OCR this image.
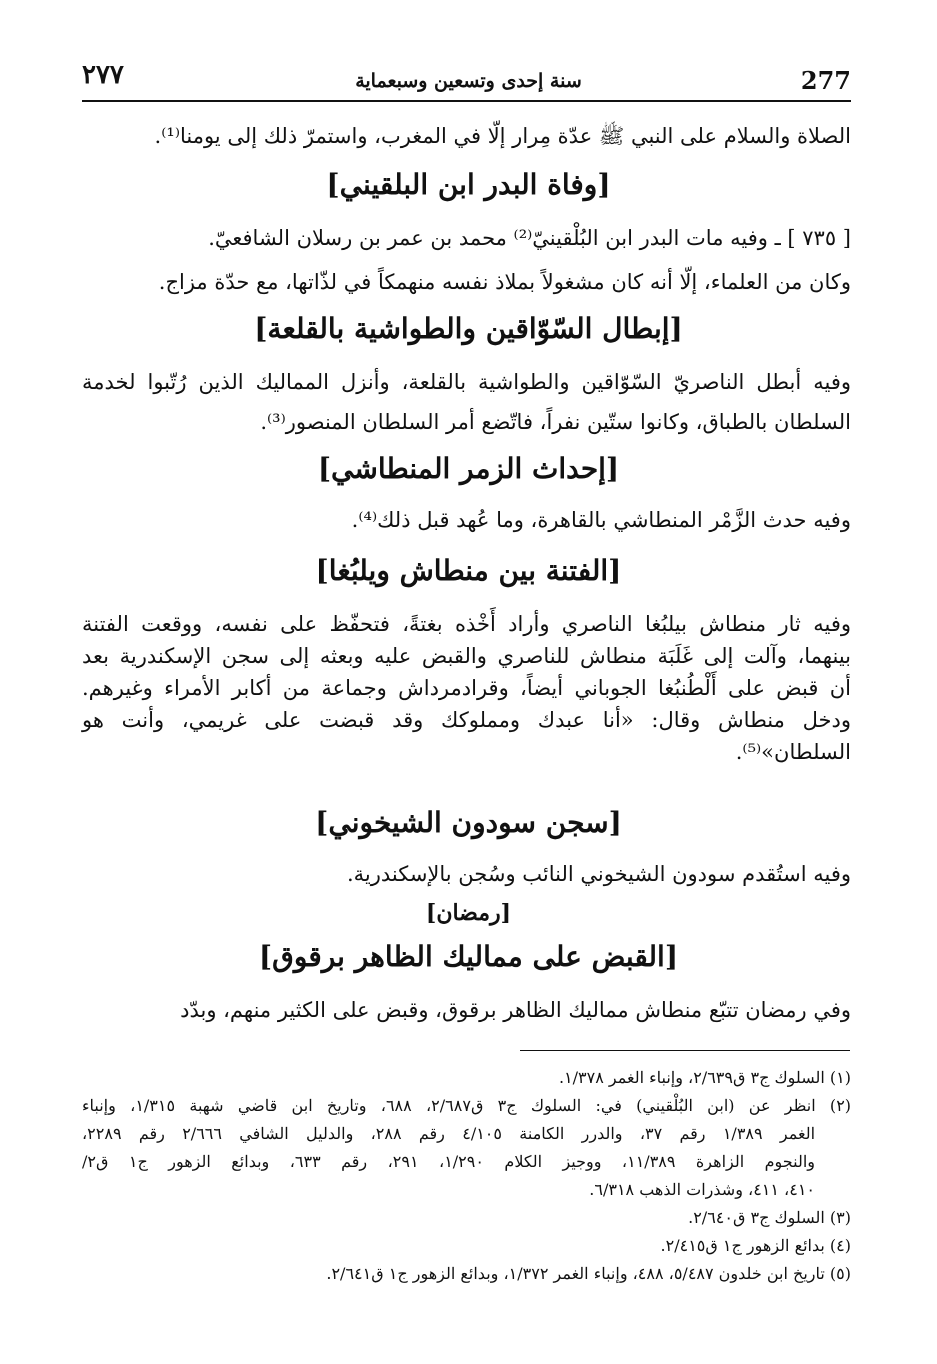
٢٧٧	سنة إحدى وتسعين وسبعماية	277
الصلاة والسلام على النبي ﷺ عدّة مِرار إلّا في المغرب، واستمرّ ذلك إلى يومنا⁽¹⁾.
[وفاة البدر ابن البلقيني]
[ ٧٣٥ ] ـ وفيه مات البدر ابن البُلْقينيّ⁽²⁾ محمد بن عمر بن رسلان الشافعيّ.
وكان من العلماء، إلّا أنه كان مشغولاً بملاذ نفسه منهمكاً في لذّاتها، مع حدّة مزاج.
[إبطال السّوّاقين والطواشية بالقلعة]
وفيه أبطل الناصريّ السّوّاقين والطواشية بالقلعة، وأنزل المماليك الذين رُتّبوا لخدمة
السلطان بالطباق، وكانوا ستّين نفراً، فاتّضع أمر السلطان المنصور⁽³⁾.
[إحداث الزمر المنطاشي]
وفيه حدث الزَّمْر المنطاشي بالقاهرة، وما عُهد قبل ذلك⁽⁴⁾.
[الفتنة بين منطاش ويلبُغا]
وفيه ثار منطاش بيلبُغا الناصري وأراد أَخْذه بغتةً، فتحفّظ على نفسه، ووقعت الفتنة
بينهما، وآلت إلى غَلَبَة منطاش للناصري والقبض عليه وبعثه إلى سجن الإسكندرية بعد
أن قبض على أَلْطُنبُغا الجوباني أيضاً، وقرادمرداش وجماعة من أكابر الأمراء وغيرهم.
ودخل منطاش وقال: «أنا عبدك ومملوكك وقد قبضت على غريمي، وأنت هو
السلطان»⁽⁵⁾.
[سجن سودون الشيخوني]
وفيه استُقدم سودون الشيخوني النائب وسُجن بالإسكندرية.
[رمضان]
[القبض على مماليك الظاهر برقوق]
وفي رمضان تتبّع منطاش مماليك الظاهر برقوق، وقبض على الكثير منهم، وبدّد
(١) السلوك ج٣ ق٢/٦٣٩، وإنباء الغمر ١/٣٧٨.
(٢) انظر عن (ابن البُلْقيني) في: السلوك ج٣ ق٢/٦٨٧، ٦٨٨، وتاريخ ابن قاضي شهبة ١/٣١٥، وإنباء
الغمر ١/٣٨٩ رقم ٣٧، والدرر الكامنة ٤/١٠٥ رقم ٢٨٨، والدليل الشافي ٢/٦٦٦ رقم ٢٢٨٩،
والنجوم الزاهرة ١١/٣٨٩، ووجيز الكلام ١/٢٩٠، ٢٩١، رقم ٦٣٣، وبدائع الزهور ج١ ق٢/
٤١٠، ٤١١، وشذرات الذهب ٦/٣١٨.
(٣) السلوك ج٣ ق٢/٦٤٠.
(٤) بدائع الزهور ج١ ق٢/٤١٥.
(٥) تاريخ ابن خلدون ٥/٤٨٧، ٤٨٨، وإنباء الغمر ١/٣٧٢، وبدائع الزهور ج١ ق٢/٦٤١.
